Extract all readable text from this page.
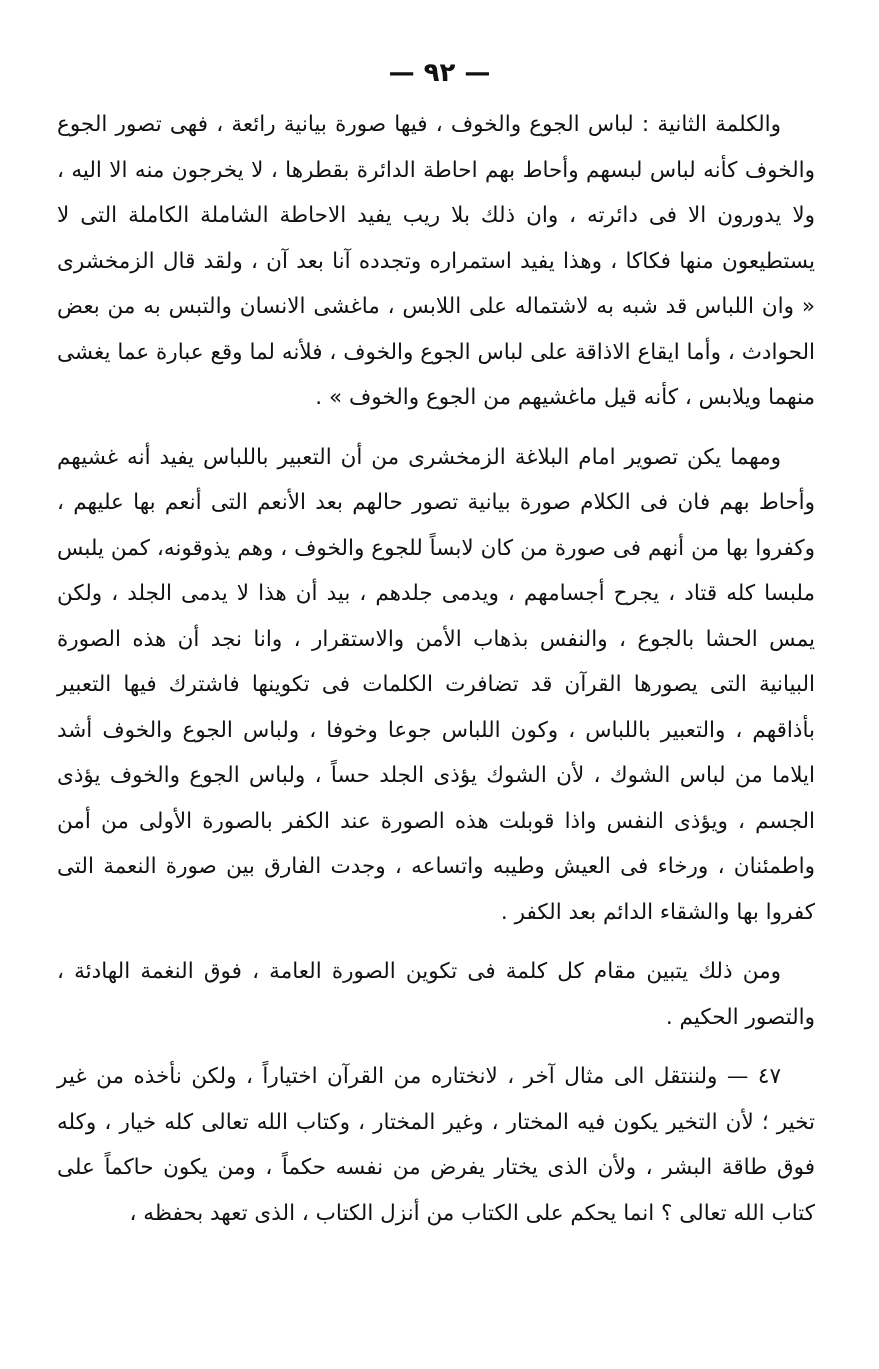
— ٩٢ —

والكلمة الثانية : لباس الجوع والخوف ، فيها صورة بيانية رائعة ، فهى تصور الجوع والخوف كأنه لباس لبسهم وأحاط بهم احاطة الدائرة بقطرها ، لا يخرجون منه الا اليه ، ولا يدورون الا فى دائرته ، وان ذلك بلا ريب يفيد الاحاطة الشاملة الكاملة التى لا يستطيعون منها فكاكا ، وهذا يفيد استمراره وتجدده آنا بعد آن ، ولقد قال الزمخشرى « وان اللباس قد شبه به لاشتماله على اللابس ، ماغشى الانسان والتبس به من بعض الحوادث ، وأما ايقاع الاذاقة على لباس الجوع والخوف ، فلأنه لما وقع عبارة عما يغشى منهما ويلابس ، كأنه قيل ماغشيهم من الجوع والخوف » .

ومهما يكن تصوير امام البلاغة الزمخشرى من أن التعبير باللباس يفيد أنه غشيهم وأحاط بهم فان فى الكلام صورة بيانية تصور حالهم بعد الأنعم التى أنعم بها عليهم ، وكفروا بها من أنهم فى صورة من كان لابساً للجوع والخوف ، وهم يذوقونه، كمن يلبس ملبسا كله قتاد ، يجرح أجسامهم ، ويدمى جلدهم ، بيد أن هذا لا يدمى الجلد ، ولكن يمس الحشا بالجوع ، والنفس بذهاب الأمن والاستقرار ، وانا نجد أن هذه الصورة البيانية التى يصورها القرآن قد تضافرت الكلمات فى تكوينها فاشترك فيها التعبير بأذاقهم ، والتعبير باللباس ، وكون اللباس جوعا وخوفا ، ولباس الجوع والخوف أشد ايلاما من لباس الشوك ، لأن الشوك يؤذى الجلد حساً ، ولباس الجوع والخوف يؤذى الجسم ، ويؤذى النفس واذا قوبلت هذه الصورة عند الكفر بالصورة الأولى من أمن واطمئنان ، ورخاء فى العيش وطيبه واتساعه ، وجدت الفارق بين صورة النعمة التى كفروا بها والشقاء الدائم بعد الكفر .

ومن ذلك يتبين مقام كل كلمة فى تكوين الصورة العامة ، فوق النغمة الهادئة ، والتصور الحكيم .

٤٧ — ولننتقل الى مثال آخر ، لانختاره من القرآن اختياراً ، ولكن نأخذه من غير تخير ؛ لأن التخير يكون فيه المختار ، وغير المختار ، وكتاب الله تعالى كله خيار ، وكله فوق طاقة البشر ، ولأن الذى يختار يفرض من نفسه حكماً ، ومن يكون حاكماً على كتاب الله تعالى ؟ انما يحكم على الكتاب من أنزل الكتاب ، الذى تعهد بحفظه ،
